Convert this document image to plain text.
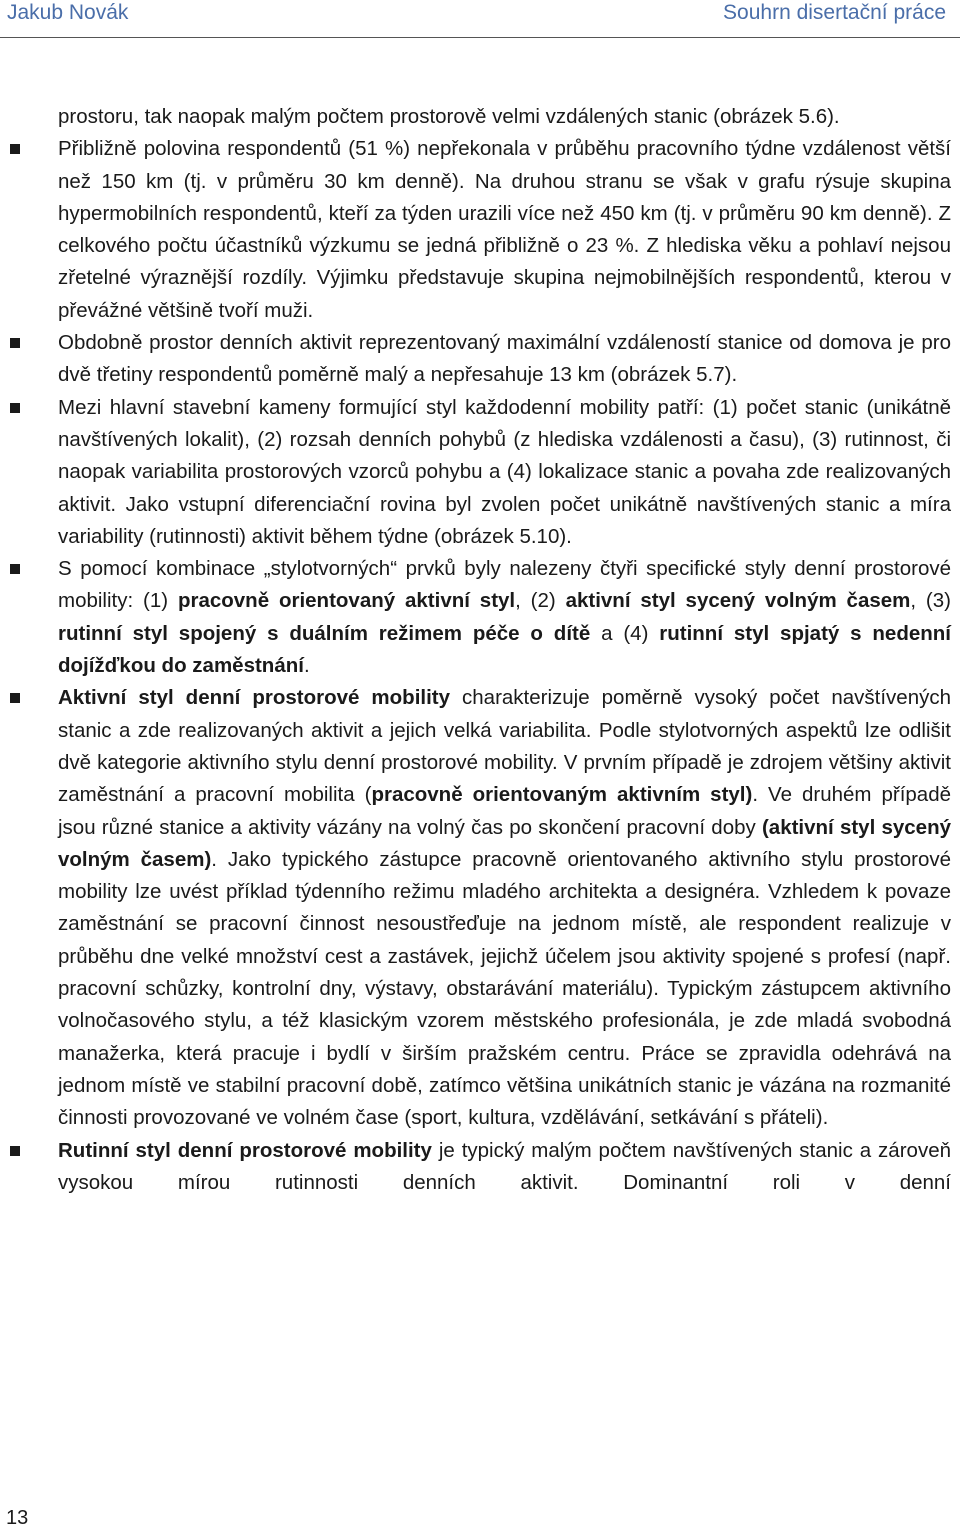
Jakub Novák	Souhrn disertační práce

prostoru, tak naopak malým počtem prostorově velmi vzdálených stanic (obrázek 5.6).

Přibližně polovina respondentů (51 %) nepřekonala v průběhu pracovního týdne vzdálenost větší než 150 km (tj. v průměru 30 km denně). Na druhou stranu se však v grafu rýsuje skupina hypermobilních respondentů, kteří za týden urazili více než 450 km (tj. v průměru 90 km denně). Z celkového počtu účastníků výzkumu se jedná přibližně o 23 %. Z hlediska věku a pohlaví nejsou zřetelné výraznější rozdíly. Výjimku představuje skupina nejmobilnějších respondentů, kterou v převážné většině tvoří muži.

Obdobně prostor denních aktivit reprezentovaný maximální vzdáleností stanice od domova je pro dvě třetiny respondentů poměrně malý a nepřesahuje 13 km (obrázek 5.7).

Mezi hlavní stavební kameny formující styl každodenní mobility patří: (1) počet stanic (unikátně navštívených lokalit), (2) rozsah denních pohybů (z hlediska vzdálenosti a času), (3) rutinnost, či naopak variabilita prostorových vzorců pohybu a (4) lokalizace stanic a povaha zde realizovaných aktivit. Jako vstupní diferenciační rovina byl zvolen počet unikátně navštívených stanic a míra variability (rutinnosti) aktivit během týdne (obrázek 5.10).

S pomocí kombinace „stylotvorných“ prvků byly nalezeny čtyři specifické styly denní prostorové mobility: (1) pracovně orientovaný aktivní styl, (2) aktivní styl sycený volným časem, (3) rutinní styl spojený s duálním režimem péče o dítě a (4) rutinní styl spjatý s nedenní dojížďkou do zaměstnání.

Aktivní styl denní prostorové mobility charakterizuje poměrně vysoký počet navštívených stanic a zde realizovaných aktivit a jejich velká variabilita. Podle stylotvorných aspektů lze odlišit dvě kategorie aktivního stylu denní prostorové mobility. V prvním případě je zdrojem většiny aktivit zaměstnání a pracovní mobilita (pracovně orientovaným aktivním styl). Ve druhém případě jsou různé stanice a aktivity vázány na volný čas po skončení pracovní doby (aktivní styl sycený volným časem). Jako typického zástupce pracovně orientovaného aktivního stylu prostorové mobility lze uvést příklad týdenního režimu mladého architekta a designéra. Vzhledem k povaze zaměstnání se pracovní činnost nesoustřeďuje na jednom místě, ale respondent realizuje v průběhu dne velké množství cest a zastávek, jejichž účelem jsou aktivity spojené s profesí (např. pracovní schůzky, kontrolní dny, výstavy, obstarávání materiálu). Typickým zástupcem aktivního volnočasového stylu, a též klasickým vzorem městského profesionála, je zde mladá svobodná manažerka, která pracuje i bydlí v širším pražském centru. Práce se zpravidla odehrává na jednom místě ve stabilní pracovní době, zatímco většina unikátních stanic je vázána na rozmanité činnosti provozované ve volném čase (sport, kultura, vzdělávání, setkávání s přáteli).

Rutinní styl denní prostorové mobility je typický malým počtem navštívených stanic a zároveň vysokou mírou rutinnosti denních aktivit. Dominantní roli v denní

13
